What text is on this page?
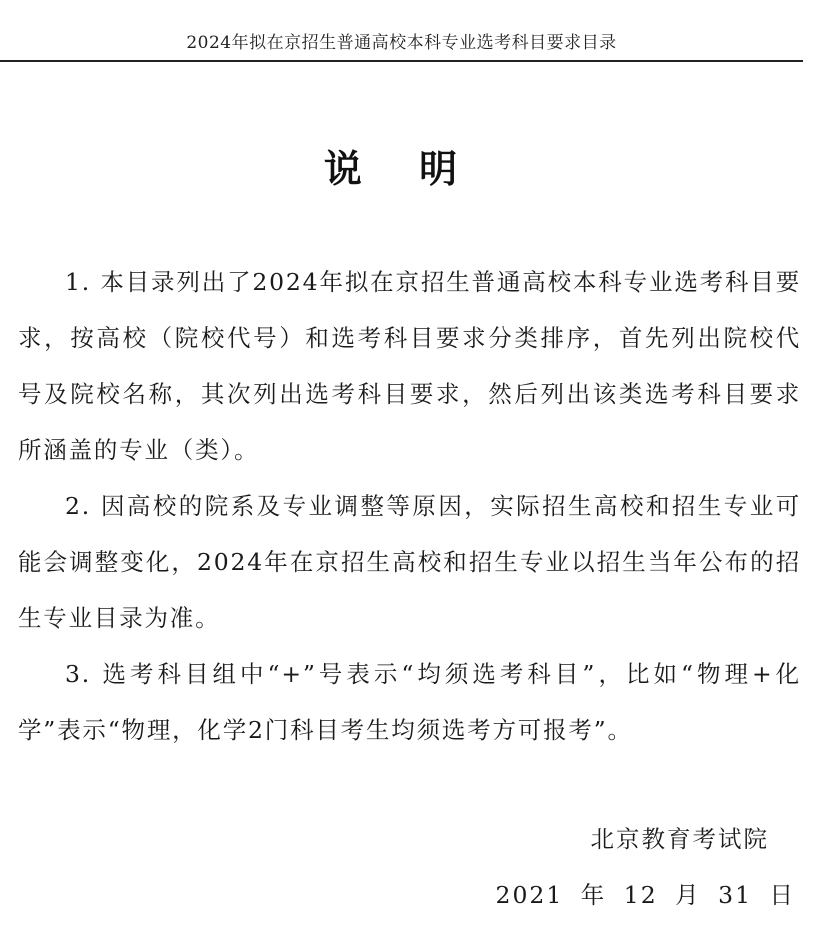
2024年拟在京招生普通高校本科专业选考科目要求目录
说 明

1. 本目录列出了2024年拟在京招生普通高校本科专业选考科目要求，按高校（院校代号）和选考科目要求分类排序，首先列出院校代号及院校名称，其次列出选考科目要求，然后列出该类选考科目要求所涵盖的专业（类）。

2. 因高校的院系及专业调整等原因，实际招生高校和招生专业可能会调整变化，2024年在京招生高校和招生专业以招生当年公布的招生专业目录为准。

3. 选考科目组中“+”号表示“均须选考科目”，比如“物理+化学”表示“物理，化学2门科目考生均须选考方可报考”。

北京教育考试院
2021 年 12 月 31 日
